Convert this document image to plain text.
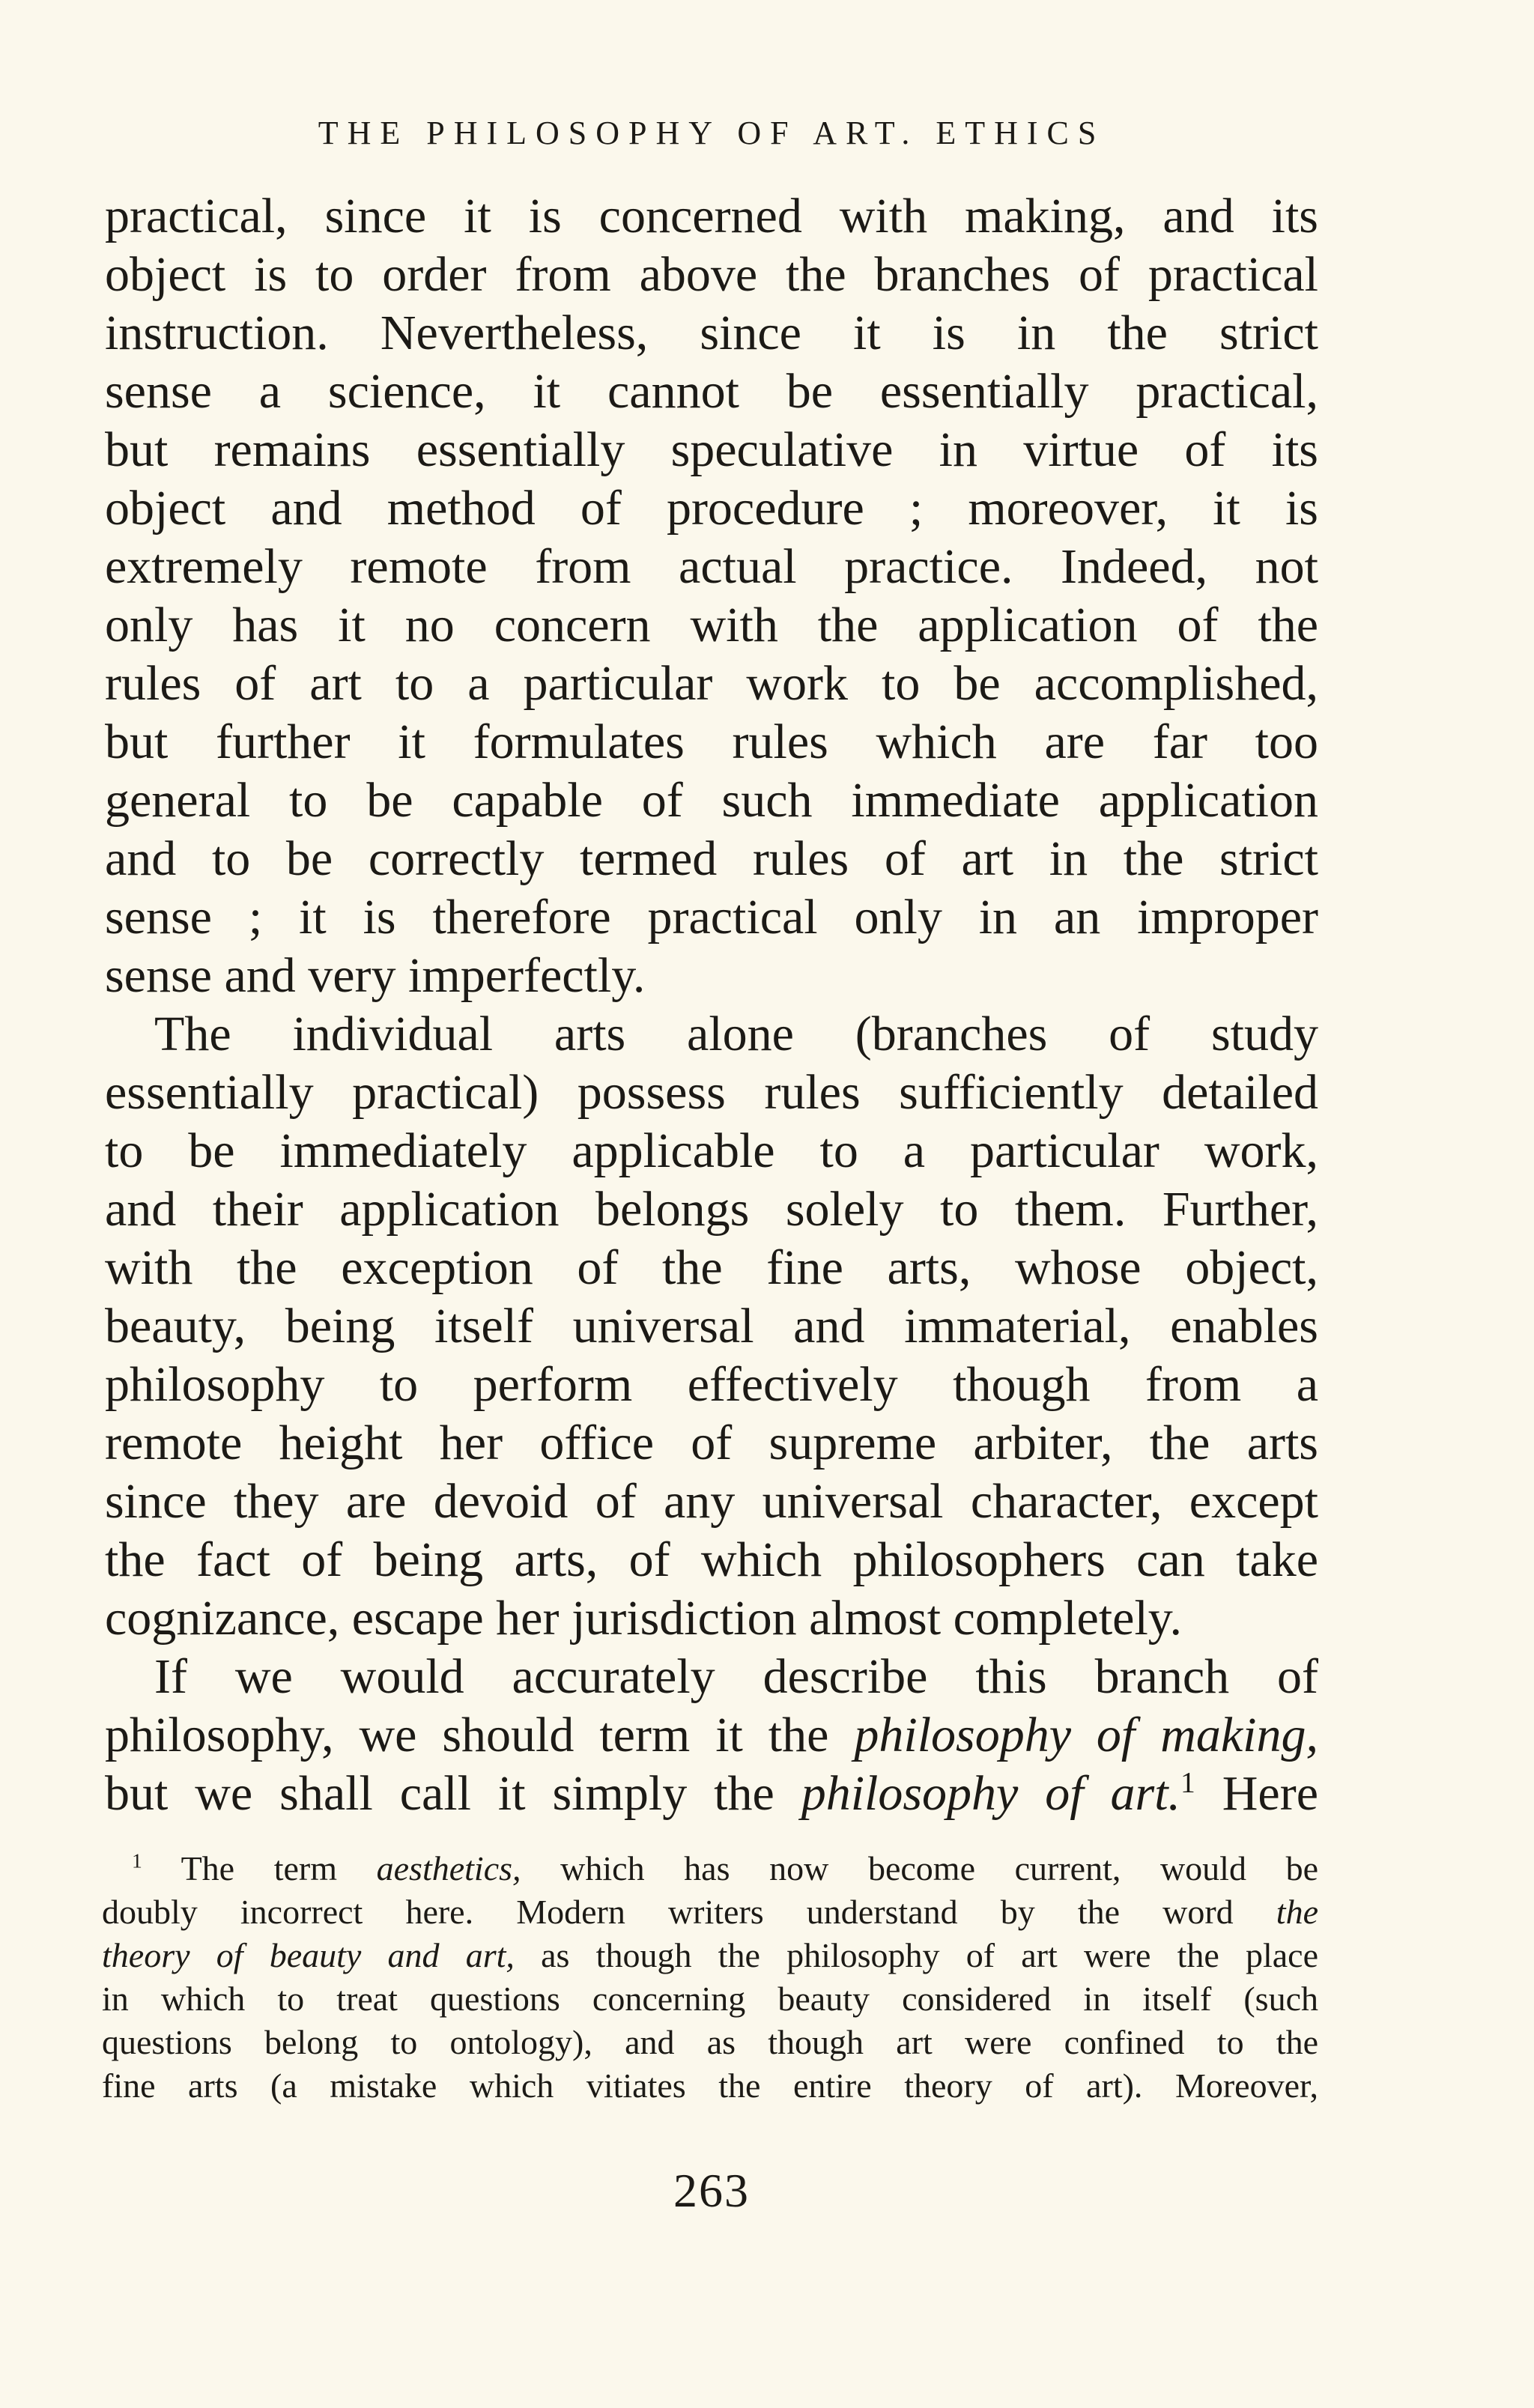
THE PHILOSOPHY OF ART. ETHICS
practical, since it is concerned with making, and its
object is to order from above the branches of practical
instruction. Nevertheless, since it is in the strict
sense a science, it cannot be essentially practical,
but remains essentially speculative in virtue of its
object and method of procedure ; moreover, it is
extremely remote from actual practice. Indeed, not
only has it no concern with the application of the
rules of art to a particular work to be accomplished,
but further it formulates rules which are far too
general to be capable of such immediate application
and to be correctly termed rules of art in the strict
sense ; it is therefore practical only in an improper
sense and very imperfectly.
The individual arts alone (branches of study
essentially practical) possess rules sufficiently detailed
to be immediately applicable to a particular work,
and their application belongs solely to them. Further,
with the exception of the fine arts, whose object,
beauty, being itself universal and immaterial, enables
philosophy to perform effectively though from a
remote height her office of supreme arbiter, the arts
since they are devoid of any universal character, except
the fact of being arts, of which philosophers can take
cognizance, escape her jurisdiction almost completely.
If we would accurately describe this branch of
philosophy, we should term it the philosophy of making,
but we shall call it simply the philosophy of art.$^1$ Here
$^1$ The term aesthetics, which has now become current, would be
doubly incorrect here. Modern writers understand by the word the
theory of beauty and art, as though the philosophy of art were the place
in which to treat questions concerning beauty considered in itself (such
questions belong to ontology), and as though art were confined to the
fine arts (a mistake which vitiates the entire theory of art). Moreover,
263
